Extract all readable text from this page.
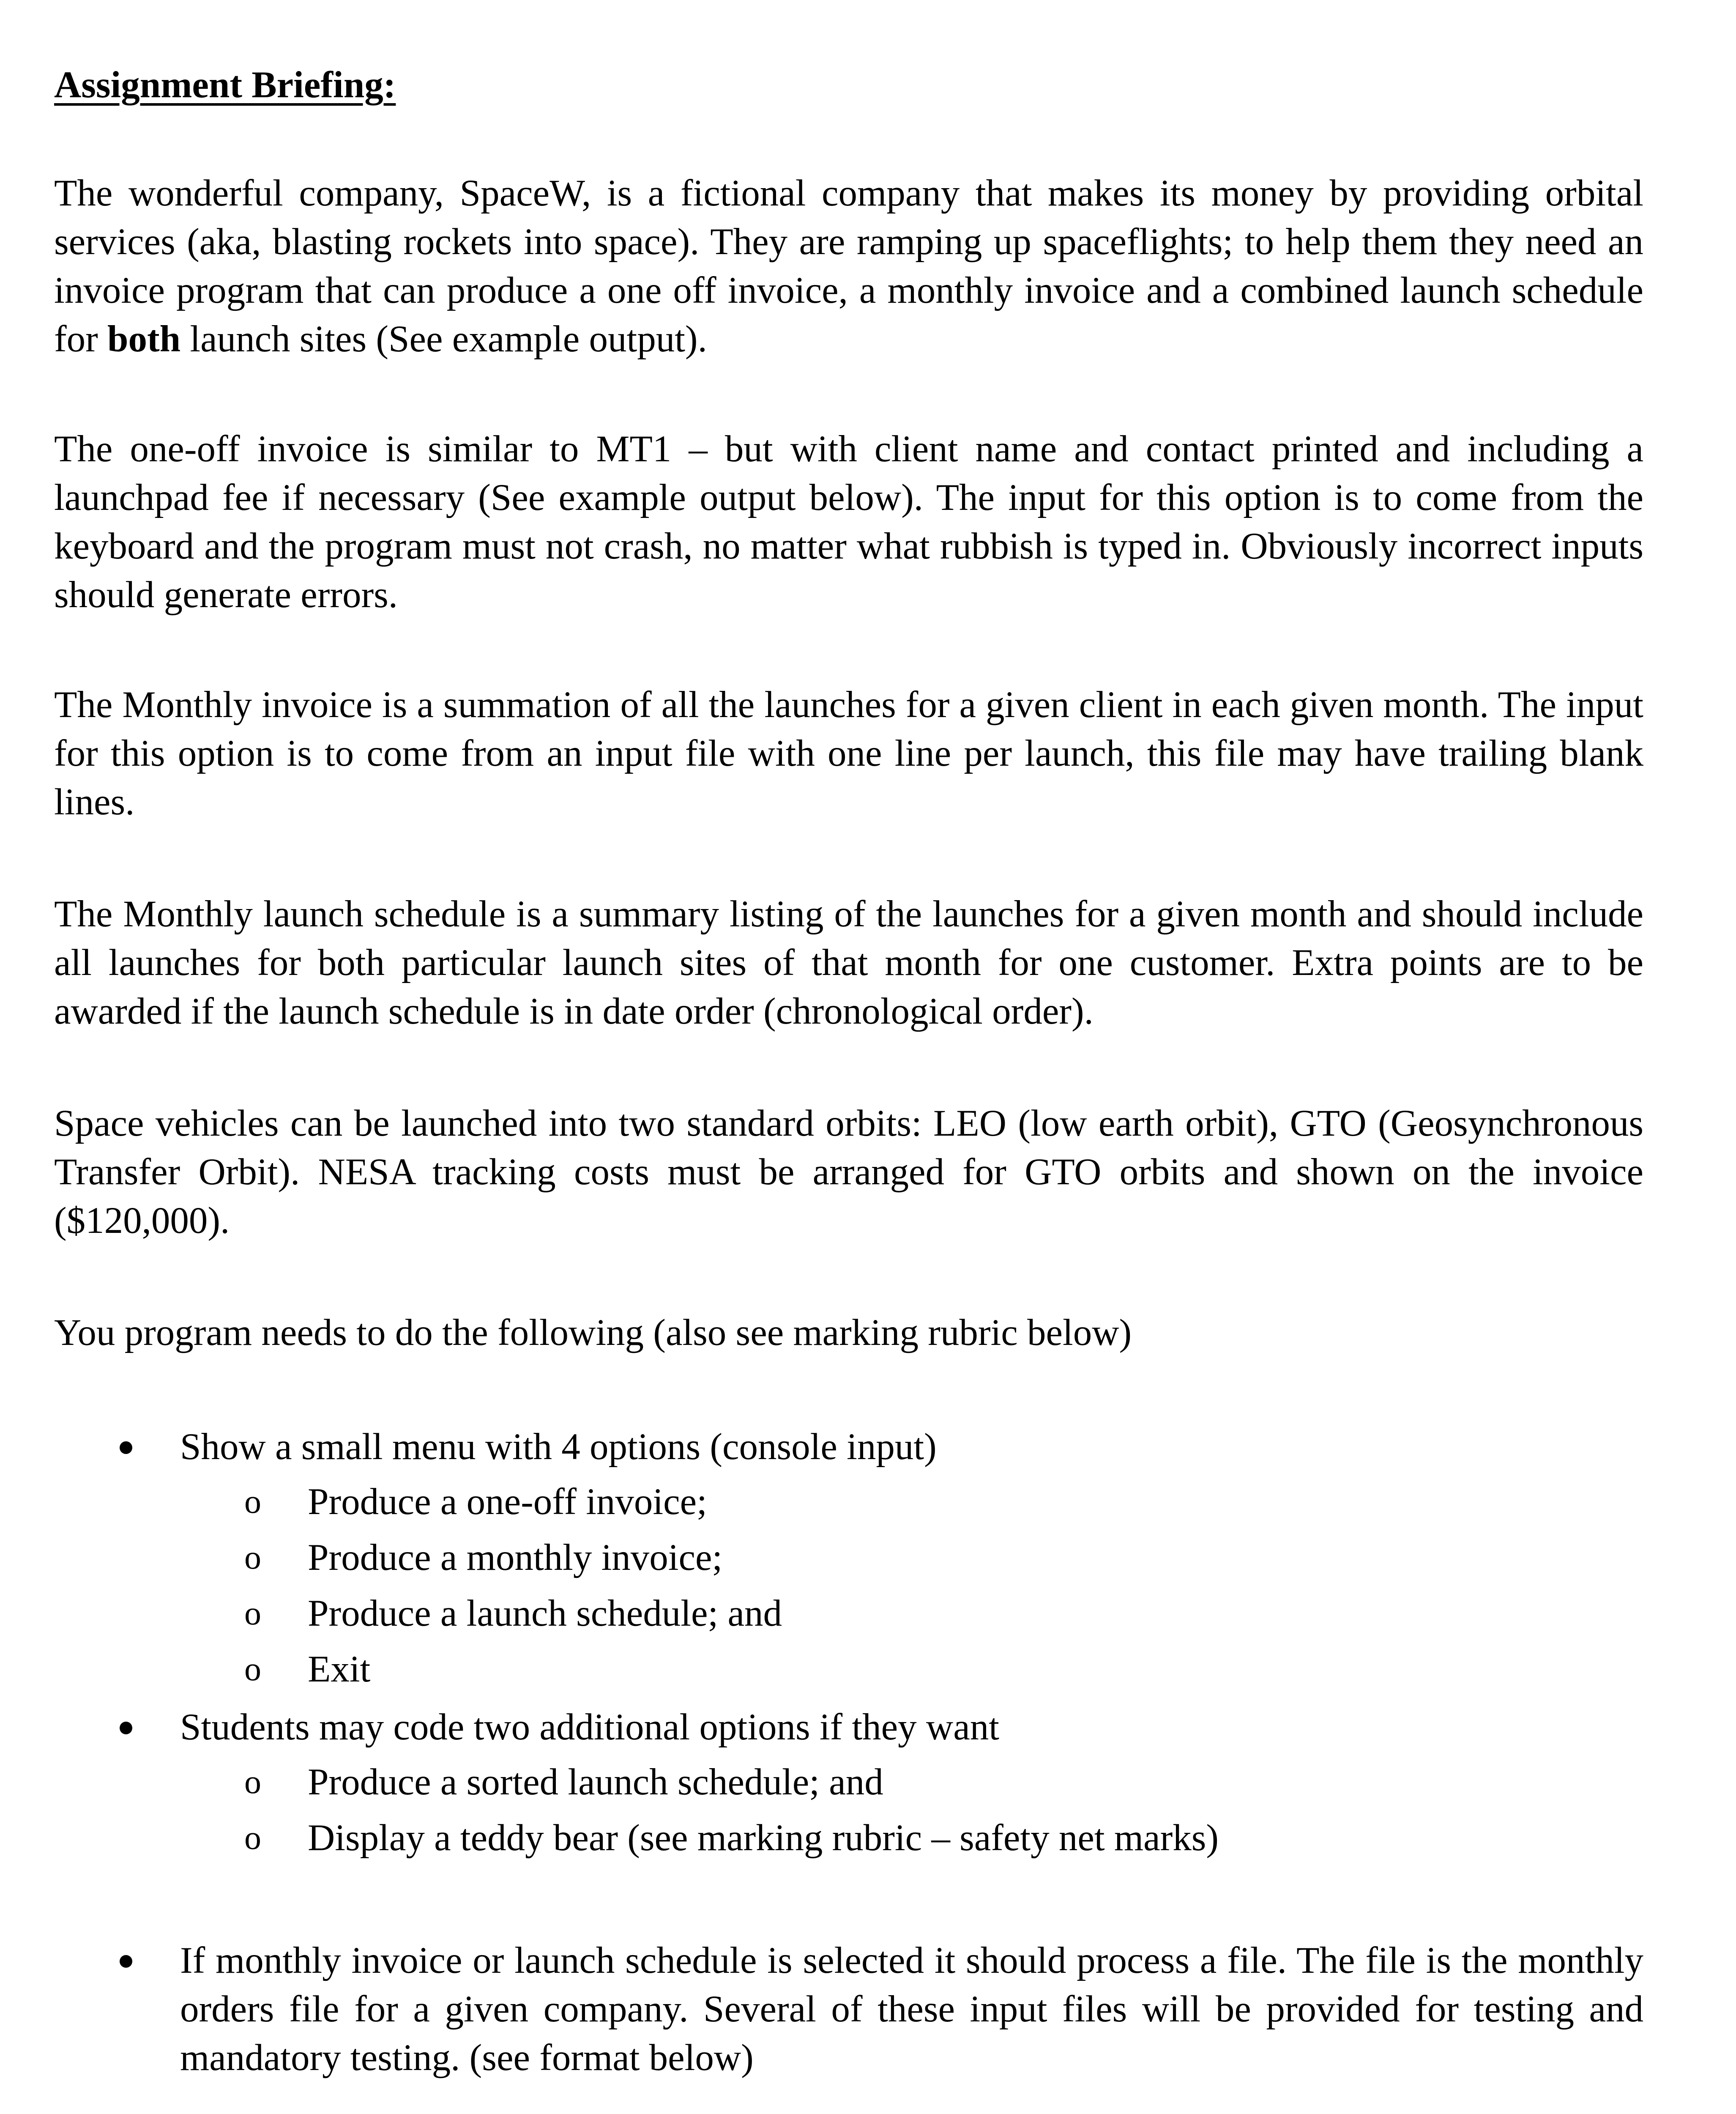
Assignment Briefing:

The wonderful company, SpaceW, is a fictional company that makes its money by providing orbital services (aka, blasting rockets into space). They are ramping up spaceflights; to help them they need an invoice program that can produce a one off invoice, a monthly invoice and a combined launch schedule for both launch sites (See example output).

The one-off invoice is similar to MT1 – but with client name and contact printed and including a launchpad fee if necessary (See example output below). The input for this option is to come from the keyboard and the program must not crash, no matter what rubbish is typed in. Obviously incorrect inputs should generate errors.

The Monthly invoice is a summation of all the launches for a given client in each given month. The input for this option is to come from an input file with one line per launch, this file may have trailing blank lines.

The Monthly launch schedule is a summary listing of the launches for a given month and should include all launches for both particular launch sites of that month for one customer. Extra points are to be awarded if the launch schedule is in date order (chronological order).

Space vehicles can be launched into two standard orbits: LEO (low earth orbit), GTO (Geosynchronous Transfer Orbit). NESA tracking costs must be arranged for GTO orbits and shown on the invoice ($120,000).

You program needs to do the following (also see marking rubric below)

Show a small menu with 4 options (console input)
o Produce a one-off invoice;
o Produce a monthly invoice;
o Produce a launch schedule; and
o Exit
Students may code two additional options if they want
o Produce a sorted launch schedule; and
o Display a teddy bear (see marking rubric – safety net marks)

If monthly invoice or launch schedule is selected it should process a file. The file is the monthly orders file for a given company. Several of these input files will be provided for testing and mandatory testing. (see format below)
